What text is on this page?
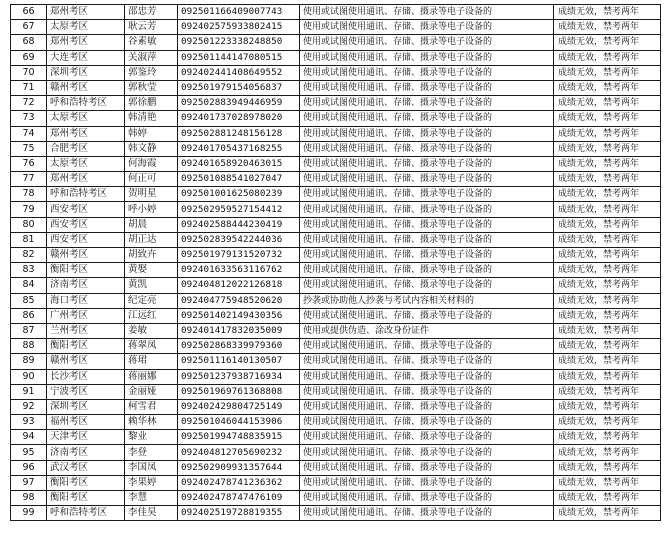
66	郑州考区	邵忠芳	092501166409007743	使用或试图使用通讯、存储、摄录等电子设备的	成绩无效，禁考两年
67	太原考区	耿云芳	092402575933802415	使用或试图使用通讯、存储、摄录等电子设备的	成绩无效，禁考两年
68	郑州考区	谷素敏	092501223338248850	使用或试图使用通讯、存储、摄录等电子设备的	成绩无效，禁考两年
69	大连考区	关淑萍	092501144147080515	使用或试图使用通讯、存储、摄录等电子设备的	成绩无效，禁考两年
70	深圳考区	郭鉴玲	092402441408649552	使用或试图使用通讯、存储、摄录等电子设备的	成绩无效，禁考两年
71	赣州考区	郭秋莹	092501979154056837	使用或试图使用通讯、存储、摄录等电子设备的	成绩无效，禁考两年
72	呼和浩特考区	郭徐鹏	092502883949446959	使用或试图使用通讯、存储、摄录等电子设备的	成绩无效，禁考两年
73	太原考区	韩清艳	092401737028978020	使用或试图使用通讯、存储、摄录等电子设备的	成绩无效，禁考两年
74	郑州考区	韩婷	092502881248156128	使用或试图使用通讯、存储、摄录等电子设备的	成绩无效，禁考两年
75	合肥考区	韩文静	092401705437168255	使用或试图使用通讯、存储、摄录等电子设备的	成绩无效，禁考两年
76	太原考区	何海霞	092401658920463015	使用或试图使用通讯、存储、摄录等电子设备的	成绩无效，禁考两年
77	郑州考区	何正可	092501088541027047	使用或试图使用通讯、存储、摄录等电子设备的	成绩无效，禁考两年
78	呼和浩特考区	贺明星	092501001625080239	使用或试图使用通讯、存储、摄录等电子设备的	成绩无效，禁考两年
79	西安考区	呼小婷	092502959527154412	使用或试图使用通讯、存储、摄录等电子设备的	成绩无效，禁考两年
80	西安考区	胡晨	092402588444230419	使用或试图使用通讯、存储、摄录等电子设备的	成绩无效，禁考两年
81	西安考区	胡正达	092502839542244036	使用或试图使用通讯、存储、摄录等电子设备的	成绩无效，禁考两年
82	赣州考区	胡致卉	092501979131520732	使用或试图使用通讯、存储、摄录等电子设备的	成绩无效，禁考两年
83	衡阳考区	黄娶	092401633563116762	使用或试图使用通讯、存储、摄录等电子设备的	成绩无效，禁考两年
84	济南考区	黄凯	092404812022126818	使用或试图使用通讯、存储、摄录等电子设备的	成绩无效，禁考两年
85	海口考区	纪定亮	092404775948520620	抄袭或协助他人抄袭与考试内容相关材料的	成绩无效，禁考两年
86	广州考区	江远红	092501402149430356	使用或试图使用通讯、存储、摄录等电子设备的	成绩无效，禁考两年
87	兰州考区	姜敏	092401417832035009	使用或提供伪造、涂改身份证件	成绩无效，禁考两年
88	衡阳考区	蒋翠凤	092502868339979360	使用或试图使用通讯、存储、摄录等电子设备的	成绩无效，禁考两年
89	赣州考区	蒋珺	092501116140130507	使用或试图使用通讯、存储、摄录等电子设备的	成绩无效，禁考两年
90	长沙考区	蒋丽娜	092501237938716934	使用或试图使用通讯、存储、摄录等电子设备的	成绩无效，禁考两年
91	宁波考区	金丽娅	092501969761368808	使用或试图使用通讯、存储、摄录等电子设备的	成绩无效，禁考两年
92	深圳考区	柯雪君	092402429804725149	使用或试图使用通讯、存储、摄录等电子设备的	成绩无效，禁考两年
93	福州考区	赖华林	092501046044153906	使用或试图使用通讯、存储、摄录等电子设备的	成绩无效，禁考两年
94	天津考区	黎业	092501994748835915	使用或试图使用通讯、存储、摄录等电子设备的	成绩无效，禁考两年
95	济南考区	李登	092404812705690232	使用或试图使用通讯、存储、摄录等电子设备的	成绩无效，禁考两年
96	武汉考区	李国凤	092502909931357644	使用或试图使用通讯、存储、摄录等电子设备的	成绩无效，禁考两年
97	衡阳考区	李果婷	092402478741236362	使用或试图使用通讯、存储、摄录等电子设备的	成绩无效，禁考两年
98	衡阳考区	李慧	092402478747476109	使用或试图使用通讯、存储、摄录等电子设备的	成绩无效，禁考两年
99	呼和浩特考区	李佳昊	092402519728819355	使用或试图使用通讯、存储、摄录等电子设备的	成绩无效，禁考两年
